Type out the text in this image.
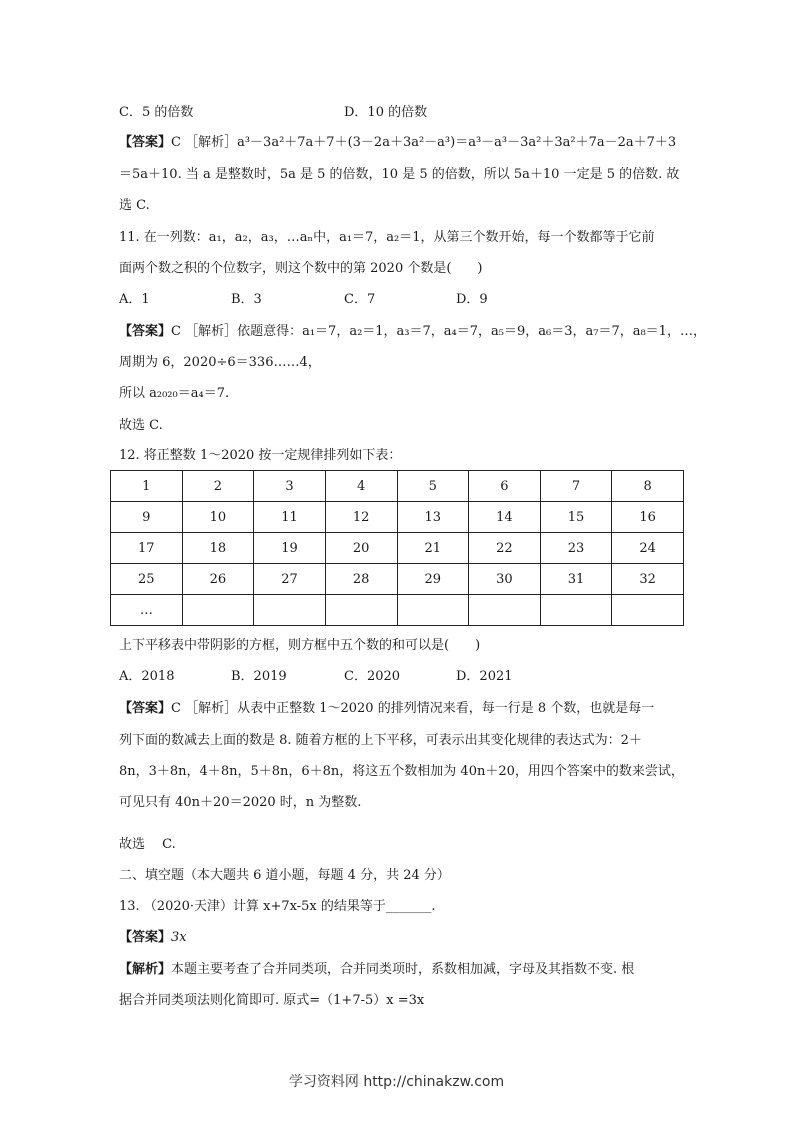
C．5 的倍数	D．10 的倍数
【答案】C ［解析］a³－3a²＋7a＋7＋(3－2a＋3a²－a³)＝a³－a³－3a²＋3a²＋7a－2a＋7＋3
＝5a＋10. 当 a 是整数时，5a 是 5 的倍数，10 是 5 的倍数，所以 5a＋10 一定是 5 的倍数. 故
选 C.
11. 在一列数：a₁，a₂，a₃，…aₙ中，a₁＝7，a₂＝1，从第三个数开始，每一个数都等于它前
面两个数之积的个位数字，则这个数中的第 2020 个数是(　　)
A．1	B．3	C．7	D．9
【答案】C ［解析］依题意得：a₁＝7，a₂＝1，a₃＝7，a₄＝7，a₅＝9，a₆＝3，a₇＝7，a₈＝1，…，
周期为 6，2020÷6＝336……4，
所以 a₂₀₂₀＝a₄＝7.
故选 C.
12. 将正整数 1～2020 按一定规律排列如下表：
1	2	3	4	5	6	7	8
9	10	11	12	13	14	15	16
17	18	19	20	21	22	23	24
25	26	27	28	29	30	31	32
…							
上下平移表中带阴影的方框，则方框中五个数的和可以是(　　)
A．2018	B．2019	C．2020	D．2021
【答案】C ［解析］从表中正整数 1～2020 的排列情况来看，每一行是 8 个数，也就是每一
列下面的数减去上面的数是 8. 随着方框的上下平移，可表示出其变化规律的表达式为：2＋
8n，3＋8n，4＋8n，5＋8n，6＋8n，将这五个数相加为 40n＋20，用四个答案中的数来尝试，
可见只有 40n＋20＝2020 时，n 为整数.
故选　 C.
二、填空题（本大题共 6 道小题，每题 4 分，共 24 分）
13. （2020·天津）计算 x+7x-5x 的结果等于_______.
【答案】3x
【解析】本题主要考查了合并同类项，合并同类项时，系数相加减，字母及其指数不变. 根
据合并同类项法则化简即可. 原式=（1+7-5）x =3x
学习资料网 http://chinakzw.com
